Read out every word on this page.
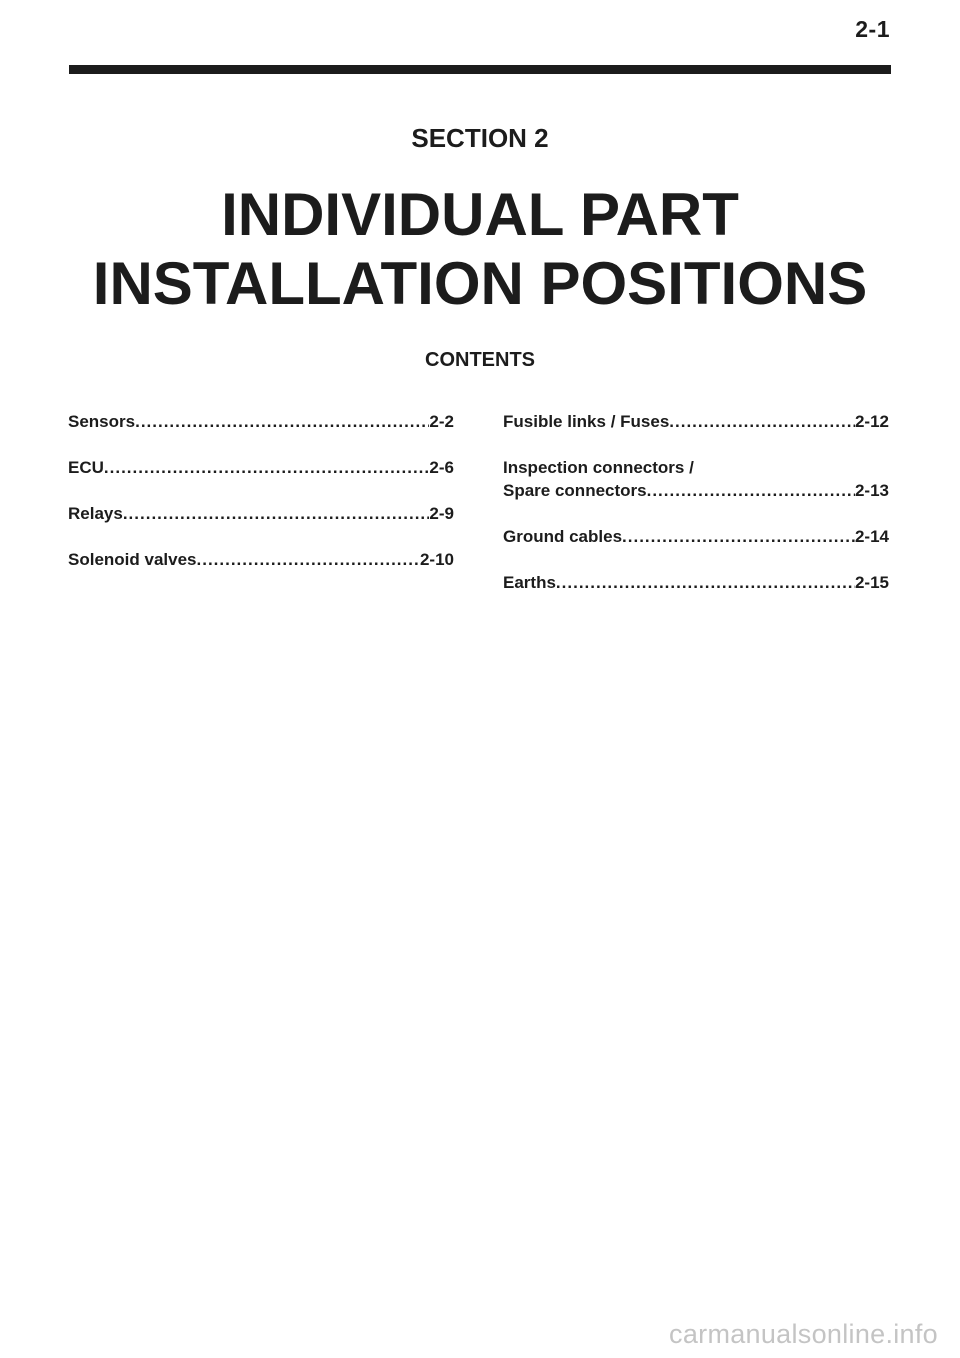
2-1
SECTION 2
INDIVIDUAL PART
INSTALLATION POSITIONS
CONTENTS
Sensors .....	2-2
ECU .....	2-6
Relays .....	2-9
Solenoid valves .....	2-10
Fusible links / Fuses .....	2-12
Inspection connectors /
Spare connectors .....	2-13
Ground cables .....	2-14
Earths .....	2-15
carmanualsonline.info
